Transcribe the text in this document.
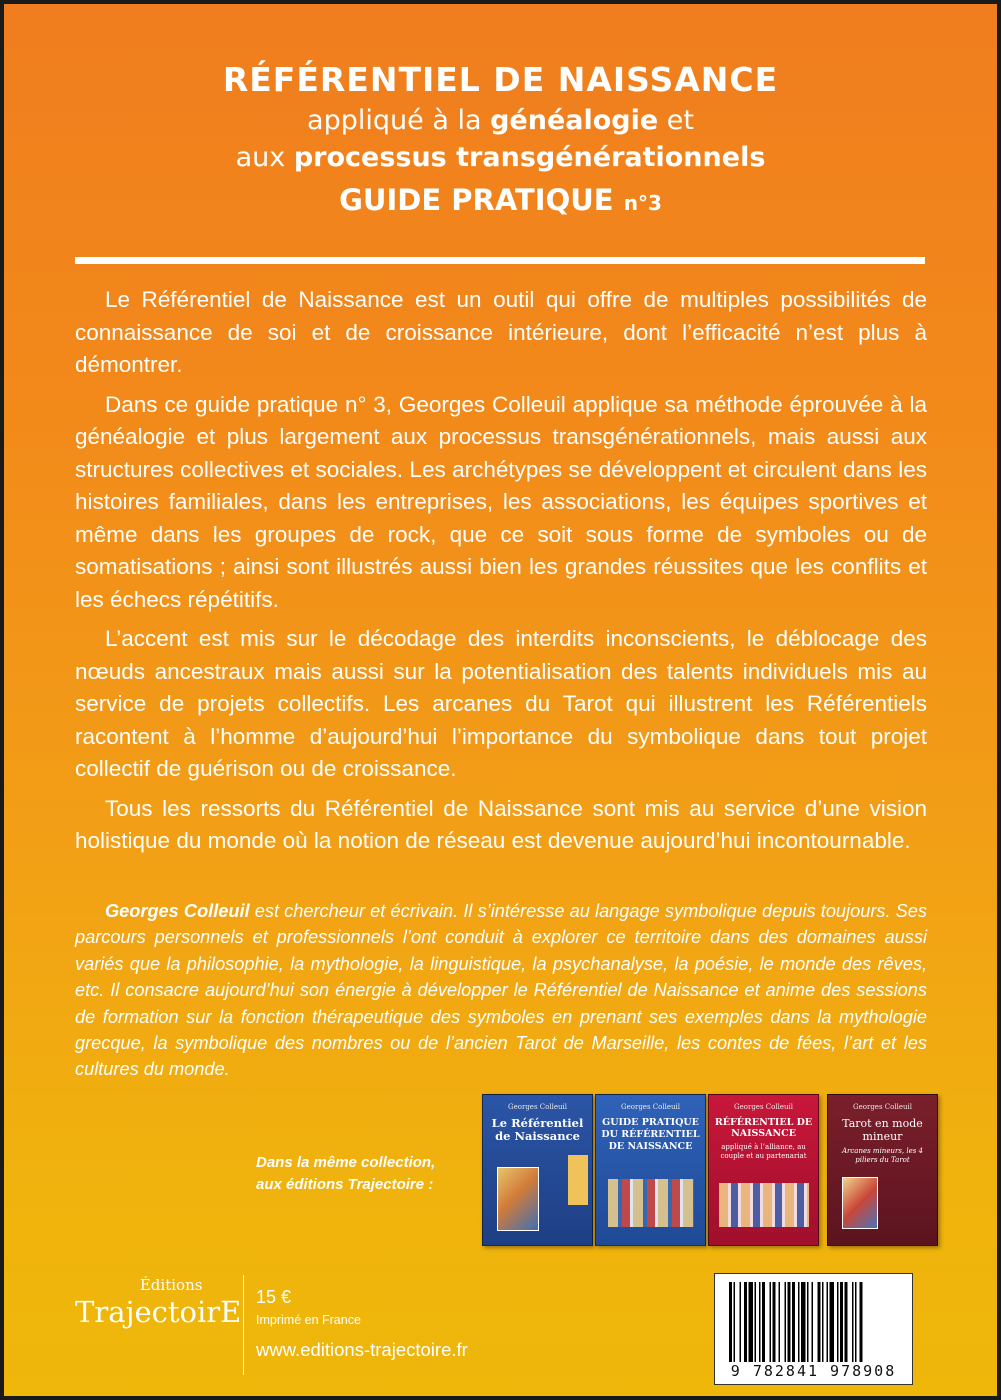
RÉFÉRENTIEL DE NAISSANCE
appliqué à la généalogie et
aux processus transgénérationnels
GUIDE PRATIQUE n°3

Le Référentiel de Naissance est un outil qui offre de multiples possibilités de connaissance de soi et de croissance intérieure, dont l’efficacité n’est plus à démontrer.

Dans ce guide pratique n° 3, Georges Colleuil applique sa méthode éprouvée à la généalogie et plus largement aux processus transgénérationnels, mais aussi aux structures collectives et sociales. Les archétypes se développent et circulent dans les histoires familiales, dans les entreprises, les associations, les équipes sportives et même dans les groupes de rock, que ce soit sous forme de symboles ou de somatisations ; ainsi sont illustrés aussi bien les grandes réussites que les conflits et les échecs répétitifs.

L’accent est mis sur le décodage des interdits inconscients, le déblocage des nœuds ancestraux mais aussi sur la potentialisation des talents individuels mis au service de projets collectifs. Les arcanes du Tarot qui illustrent les Référentiels racontent à l’homme d’aujourd’hui l’importance du symbolique dans tout projet collectif de guérison ou de croissance.

Tous les ressorts du Référentiel de Naissance sont mis au service d’une vision holistique du monde où la notion de réseau est devenue aujourd’hui incontournable.

Georges Colleuil est chercheur et écrivain. Il s’intéresse au langage symbolique depuis toujours. Ses parcours personnels et professionnels l’ont conduit à explorer ce territoire dans des domaines aussi variés que la philosophie, la mythologie, la linguistique, la psychanalyse, la poésie, le monde des rêves, etc. Il consacre aujourd’hui son énergie à développer le Référentiel de Naissance et anime des sessions de formation sur la fonction thérapeutique des symboles en prenant ses exemples dans la mythologie grecque, la symbolique des nombres ou de l’ancien Tarot de Marseille, les contes de fées, l’art et les cultures du monde.

Dans la même collection,
aux éditions Trajectoire :
Georges Colleuil
Le Référentiel de Naissance
Georges Colleuil
GUIDE PRATIQUE DU RÉFÉRENTIEL DE NAISSANCE
Georges Colleuil
RÉFÉRENTIEL DE NAISSANCE
appliqué à l’alliance, au couple et au partenariat
Georges Colleuil
Tarot en mode mineur
Arcanes mineurs, les 4 piliers du Tarot
Éditions
TrajectoirE 15 €
Imprimé en France
www.editions-trajectoire.fr
9 782841 978908
